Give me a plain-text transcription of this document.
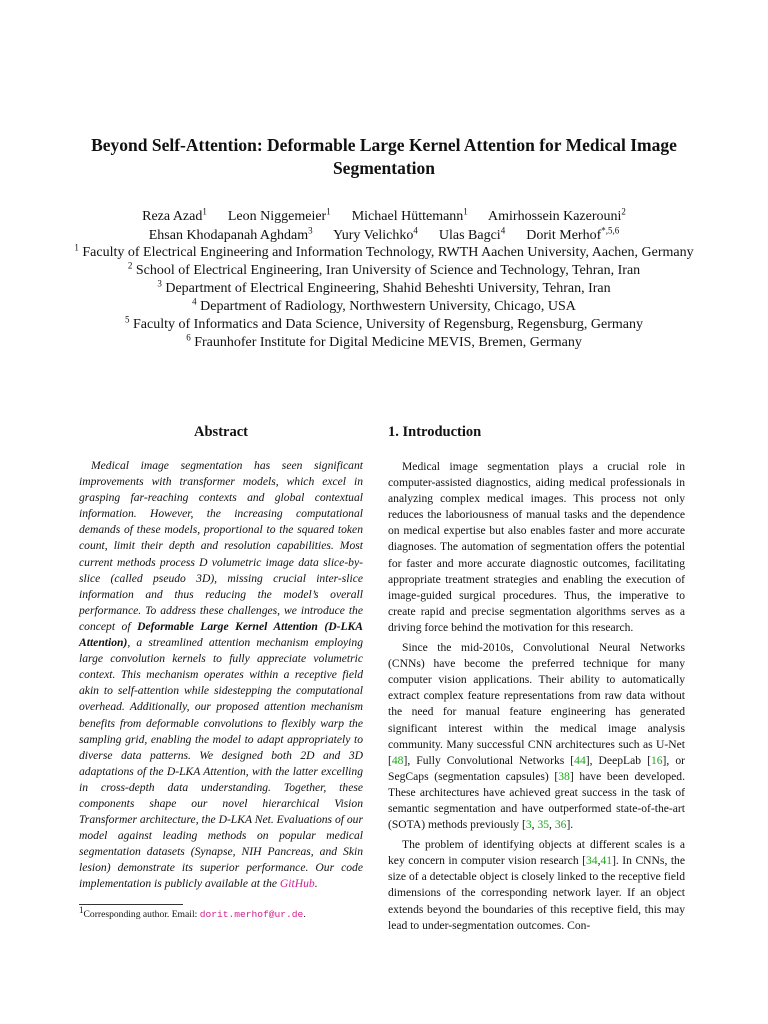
Beyond Self-Attention: Deformable Large Kernel Attention for Medical Image Segmentation
Reza Azad$^1$ Leon Niggemeier$^1$ Michael Hüttemann$^1$ Amirhossein Kazerouni$^2$
Ehsan Khodapanah Aghdam$^3$ Yury Velichko$^4$ Ulas Bagci$^4$ Dorit Merhof$^{*,5,6}$
$^1$ Faculty of Electrical Engineering and Information Technology, RWTH Aachen University, Aachen, Germany
$^2$ School of Electrical Engineering, Iran University of Science and Technology, Tehran, Iran
$^3$ Department of Electrical Engineering, Shahid Beheshti University, Tehran, Iran
$^4$ Department of Radiology, Northwestern University, Chicago, USA
$^5$ Faculty of Informatics and Data Science, University of Regensburg, Regensburg, Germany
$^6$ Fraunhofer Institute for Digital Medicine MEVIS, Bremen, Germany
Abstract
Medical image segmentation has seen significant improvements with transformer models, which excel in grasping far-reaching contexts and global contextual information. However, the increasing computational demands of these models, proportional to the squared token count, limit their depth and resolution capabilities. Most current methods process D volumetric image data slice-by-slice (called pseudo 3D), missing crucial inter-slice information and thus reducing the model’s overall performance. To address these challenges, we introduce the concept of Deformable Large Kernel Attention (D-LKA Attention), a streamlined attention mechanism employing large convolution kernels to fully appreciate volumetric context. This mechanism operates within a receptive field akin to self-attention while sidestepping the computational overhead. Additionally, our proposed attention mechanism benefits from deformable convolutions to flexibly warp the sampling grid, enabling the model to adapt appropriately to diverse data patterns. We designed both 2D and 3D adaptations of the D-LKA Attention, with the latter excelling in cross-depth data understanding. Together, these components shape our novel hierarchical Vision Transformer architecture, the D-LKA Net. Evaluations of our model against leading methods on popular medical segmentation datasets (Synapse, NIH Pancreas, and Skin lesion) demonstrate its superior performance. Our code implementation is publicly available at the GitHub.
1. Introduction

Medical image segmentation plays a crucial role in computer-assisted diagnostics, aiding medical professionals in analyzing complex medical images. This process not only reduces the laboriousness of manual tasks and the dependence on medical expertise but also enables faster and more accurate diagnoses. The automation of segmentation offers the potential for faster and more accurate diagnostic outcomes, facilitating appropriate treatment strategies and enabling the execution of image-guided surgical procedures. Thus, the imperative to create rapid and precise segmentation algorithms serves as a driving force behind the motivation for this research.

Since the mid-2010s, Convolutional Neural Networks (CNNs) have become the preferred technique for many computer vision applications. Their ability to automatically extract complex feature representations from raw data without the need for manual feature engineering has generated significant interest within the medical image analysis community. Many successful CNN architectures such as U-Net [48], Fully Convolutional Networks [44], DeepLab [16], or SegCaps (segmentation capsules) [38] have been developed. These architectures have achieved great success in the task of semantic segmentation and have outperformed state-of-the-art (SOTA) methods previously [3, 35, 36].

The problem of identifying objects at different scales is a key concern in computer vision research [34,41]. In CNNs, the size of a detectable object is closely linked to the receptive field dimensions of the corresponding network layer. If an object extends beyond the boundaries of this receptive field, this may lead to under-segmentation outcomes. Con-

$^1$Corresponding author. Email: dorit.merhof@ur.de.
